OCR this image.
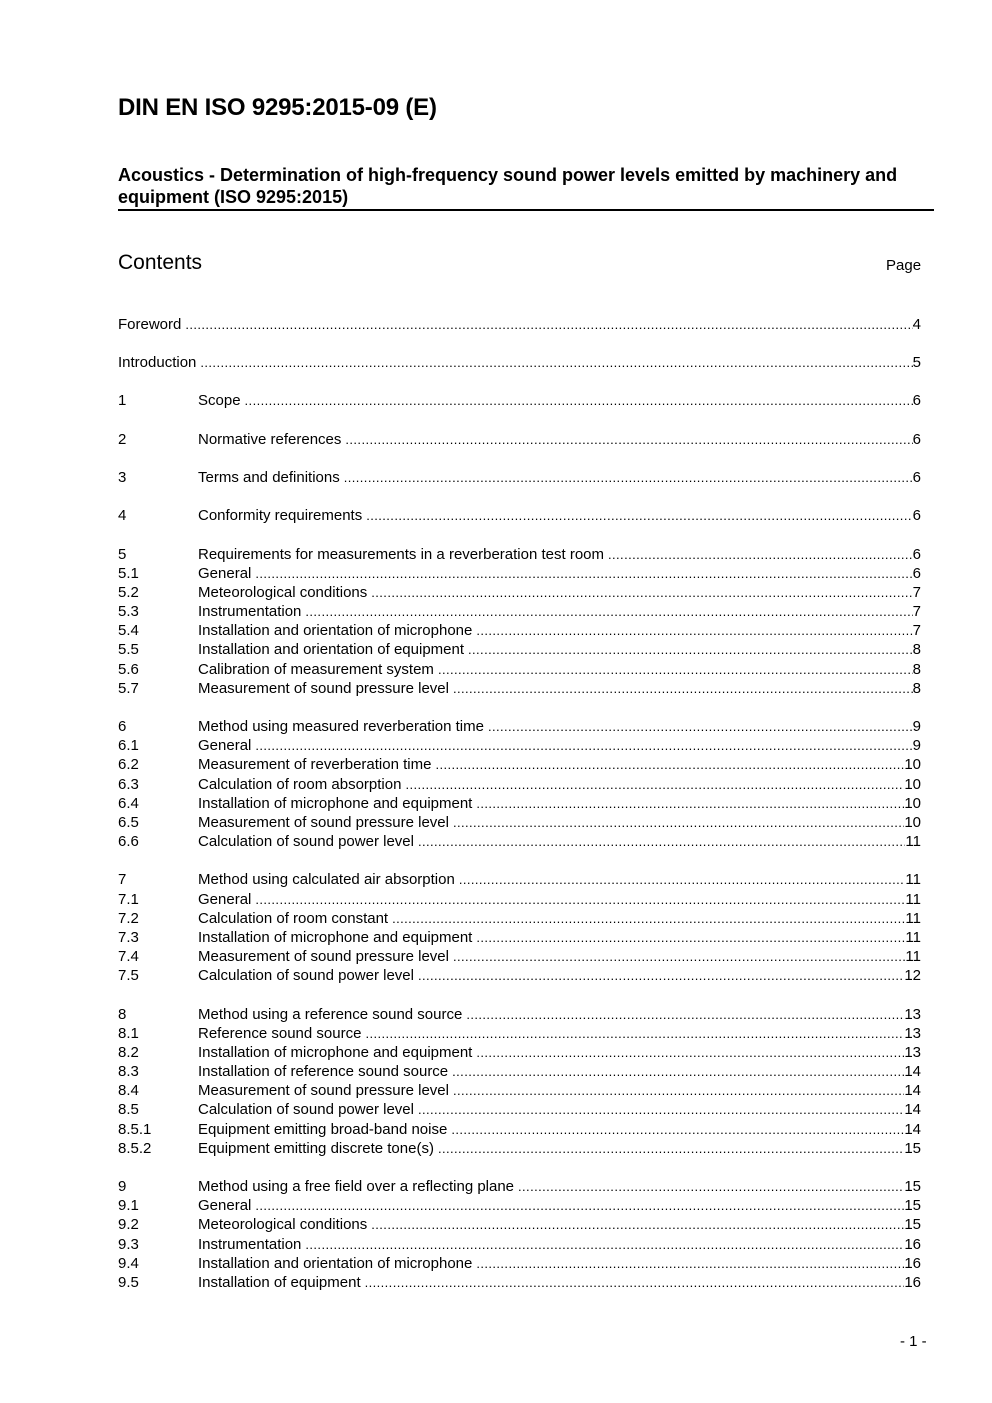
DIN EN ISO 9295:2015-09 (E)
Acoustics - Determination of high-frequency sound power levels emitted by machinery and equipment (ISO 9295:2015)
Contents	Page
Foreword .....	4
Introduction .....	5
1	Scope .....	6
2	Normative references .....	6
3	Terms and definitions .....	6
4	Conformity requirements .....	6
5	Requirements for measurements in a reverberation test room .....	6
5.1	General .....	6
5.2	Meteorological conditions .....	7
5.3	Instrumentation .....	7
5.4	Installation and orientation of microphone .....	7
5.5	Installation and orientation of equipment .....	8
5.6	Calibration of measurement system .....	8
5.7	Measurement of sound pressure level .....	8
6	Method using measured reverberation time .....	9
6.1	General .....	9
6.2	Measurement of reverberation time .....	10
6.3	Calculation of room absorption .....	10
6.4	Installation of microphone and equipment .....	10
6.5	Measurement of sound pressure level .....	10
6.6	Calculation of sound power level .....	11
7	Method using calculated air absorption .....	11
7.1	General .....	11
7.2	Calculation of room constant .....	11
7.3	Installation of microphone and equipment .....	11
7.4	Measurement of sound pressure level .....	11
7.5	Calculation of sound power level .....	12
8	Method using a reference sound source .....	13
8.1	Reference sound source .....	13
8.2	Installation of microphone and equipment .....	13
8.3	Installation of reference sound source .....	14
8.4	Measurement of sound pressure level .....	14
8.5	Calculation of sound power level .....	14
8.5.1	Equipment emitting broad-band noise .....	14
8.5.2	Equipment emitting discrete tone(s) .....	15
9	Method using a free field over a reflecting plane .....	15
9.1	General .....	15
9.2	Meteorological conditions .....	15
9.3	Instrumentation .....	16
9.4	Installation and orientation of microphone .....	16
9.5	Installation of equipment .....	16
- 1 -
